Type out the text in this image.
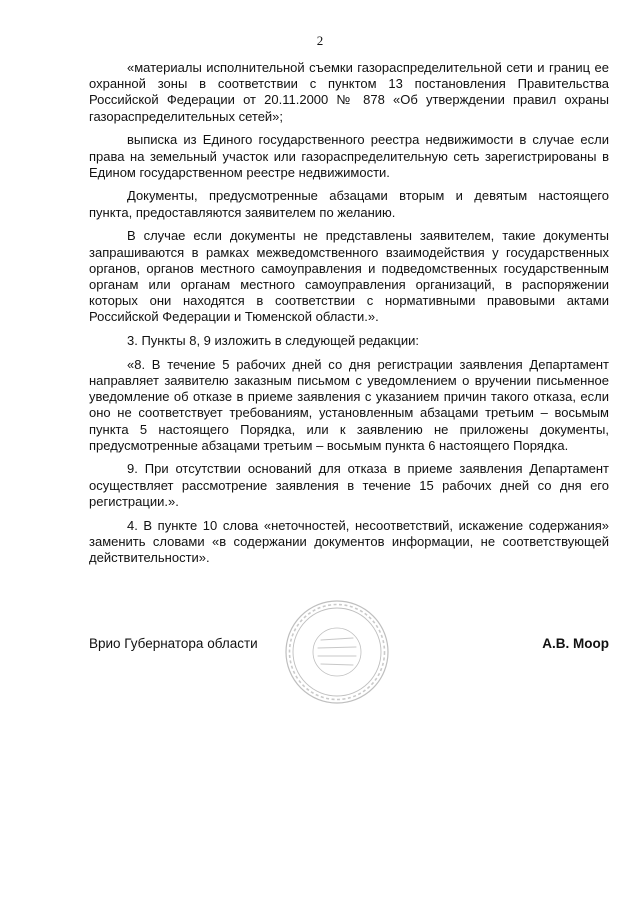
2

«материалы исполнительной съемки газораспределительной сети и границ ее охранной зоны в соответствии с пунктом 13 постановления Правительства Российской Федерации от 20.11.2000 № 878 «Об утверждении правил охраны газораспределительных сетей»;

выписка из Единого государственного реестра недвижимости в случае если права на земельный участок или газораспределительную сеть зарегистрированы в Едином государственном реестре недвижимости.

Документы, предусмотренные абзацами вторым и девятым настоящего пункта, предоставляются заявителем по желанию.

В случае если документы не представлены заявителем, такие документы запрашиваются в рамках межведомственного взаимодействия у государственных органов, органов местного самоуправления и подведомственных государственным органам или органам местного самоуправления организаций, в распоряжении которых они находятся в соответствии с нормативными правовыми актами Российской Федерации и Тюменской области.».

3. Пункты 8, 9 изложить в следующей редакции:

«8. В течение 5 рабочих дней со дня регистрации заявления Департамент направляет заявителю заказным письмом с уведомлением о вручении письменное уведомление об отказе в приеме заявления с указанием причин такого отказа, если оно не соответствует требованиям, установленным абзацами третьим – восьмым пункта 5 настоящего Порядка, или к заявлению не приложены документы, предусмотренные абзацами третьим – восьмым пункта 6 настоящего Порядка.

9. При отсутствии оснований для отказа в приеме заявления Департамент осуществляет рассмотрение заявления в течение 15 рабочих дней со дня его регистрации.».

4. В пункте 10 слова «неточностей, несоответствий, искажение содержания» заменить словами «в содержании документов информации, не соответствующей действительности».

Врио Губернатора области	А.В. Моор
